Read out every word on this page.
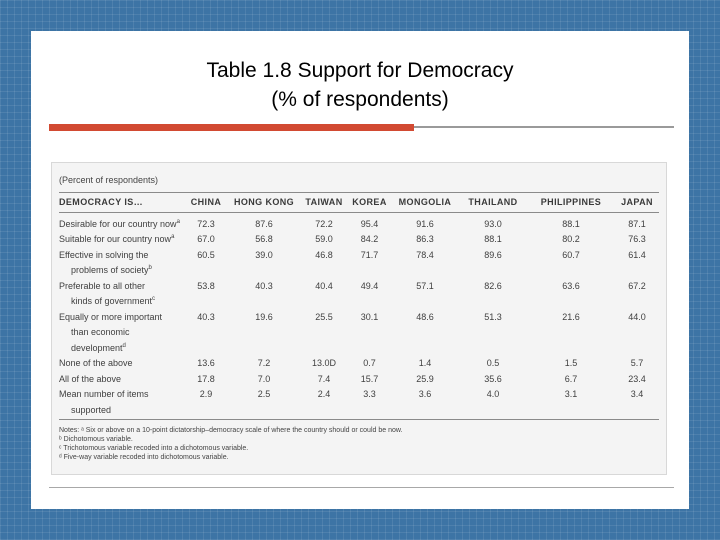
Table 1.8 Support for Democracy
(% of respondents)
(Percent of respondents)
DEMOCRACY IS…	CHINA	HONG KONG	TAIWAN	KOREA	MONGOLIA	THAILAND	PHILIPPINES	JAPAN
Desirable for our country now$^a$	72.3	87.6	72.2	95.4	91.6	93.0	88.1	87.1
Suitable for our country now$^a$	67.0	56.8	59.0	84.2	86.3	88.1	80.2	76.3
Effective in solving the	60.5	39.0	46.8	71.7	78.4	89.6	60.7	61.4
problems of society$^b$								
Preferable to all other	53.8	40.3	40.4	49.4	57.1	82.6	63.6	67.2
kinds of government$^c$								
Equally or more important	40.3	19.6	25.5	30.1	48.6	51.3	21.6	44.0
than economic								
development$^d$								
None of the above	13.6	7.2	13.0D	0.7	1.4	0.5	1.5	5.7
All of the above	17.8	7.0	7.4	15.7	25.9	35.6	6.7	23.4
Mean number of items	2.9	2.5	2.4	3.3	3.6	4.0	3.1	3.4
supported								
Notes: ᵃ Six or above on a 10-point dictatorship–democracy scale of where the country should or could be now.
ᵇ Dichotomous variable.
ᶜ Trichotomous variable recoded into a dichotomous variable.
ᵈ Five-way variable recoded into dichotomous variable.
